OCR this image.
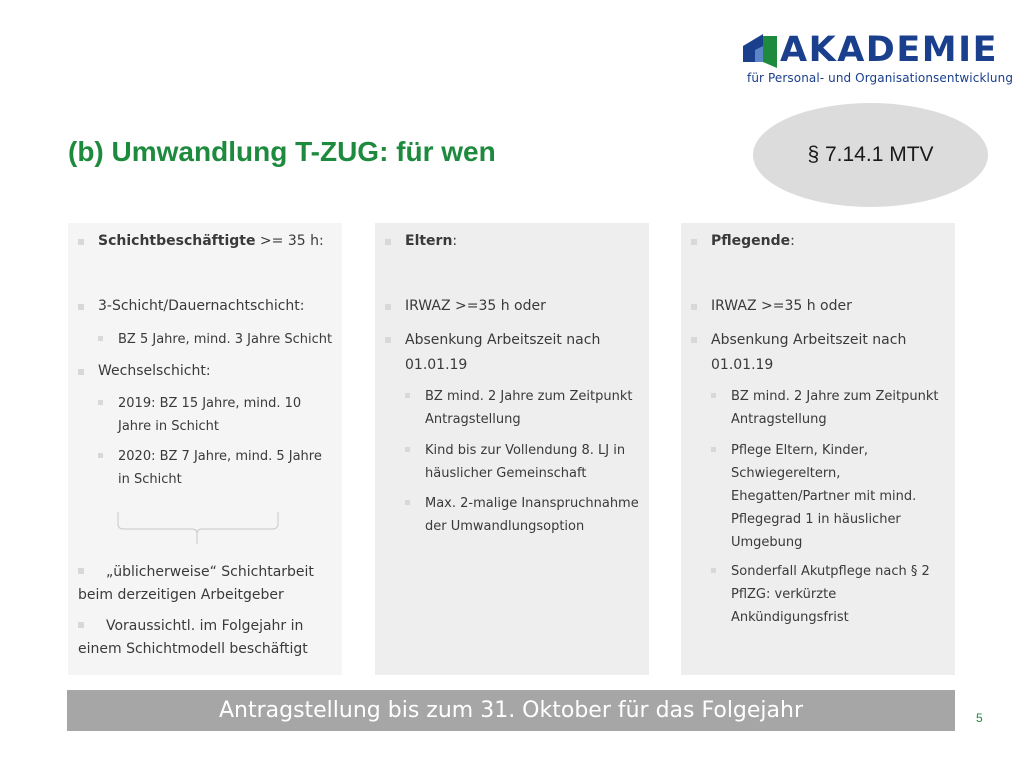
AKADEMIE
für Personal- und Organisationsentwicklung
(b) Umwandlung T-ZUG: für wen	§ 7.14.1 MTV
Schichtbeschäftigte >= 35 h:
3-Schicht/Dauernachtschicht:
BZ 5 Jahre, mind. 3 Jahre Schicht
Wechselschicht:
2019: BZ 15 Jahre, mind. 10 Jahre in Schicht
2020: BZ 7 Jahre, mind. 5 Jahre in Schicht
„üblicherweise“ Schichtarbeit beim derzeitigen Arbeitgeber
Voraussichtl. im Folgejahr in einem Schichtmodell beschäftigt
Eltern:
IRWAZ >=35 h oder
Absenkung Arbeitszeit nach 01.01.19
BZ mind. 2 Jahre zum Zeitpunkt Antragstellung
Kind bis zur Vollendung 8. LJ in häuslicher Gemeinschaft
Max. 2-malige Inanspruchnahme der Umwandlungsoption
Pflegende:
IRWAZ >=35 h oder
Absenkung Arbeitszeit nach 01.01.19
BZ mind. 2 Jahre zum Zeitpunkt Antragstellung
Pflege Eltern, Kinder, Schwiegereltern, Ehegatten/Partner mit mind. Pflegegrad 1 in häuslicher Umgebung
Sonderfall Akutpflege nach § 2 PflZG: verkürzte Ankündigungsfrist
Antragstellung bis zum 31. Oktober für das Folgejahr	5
